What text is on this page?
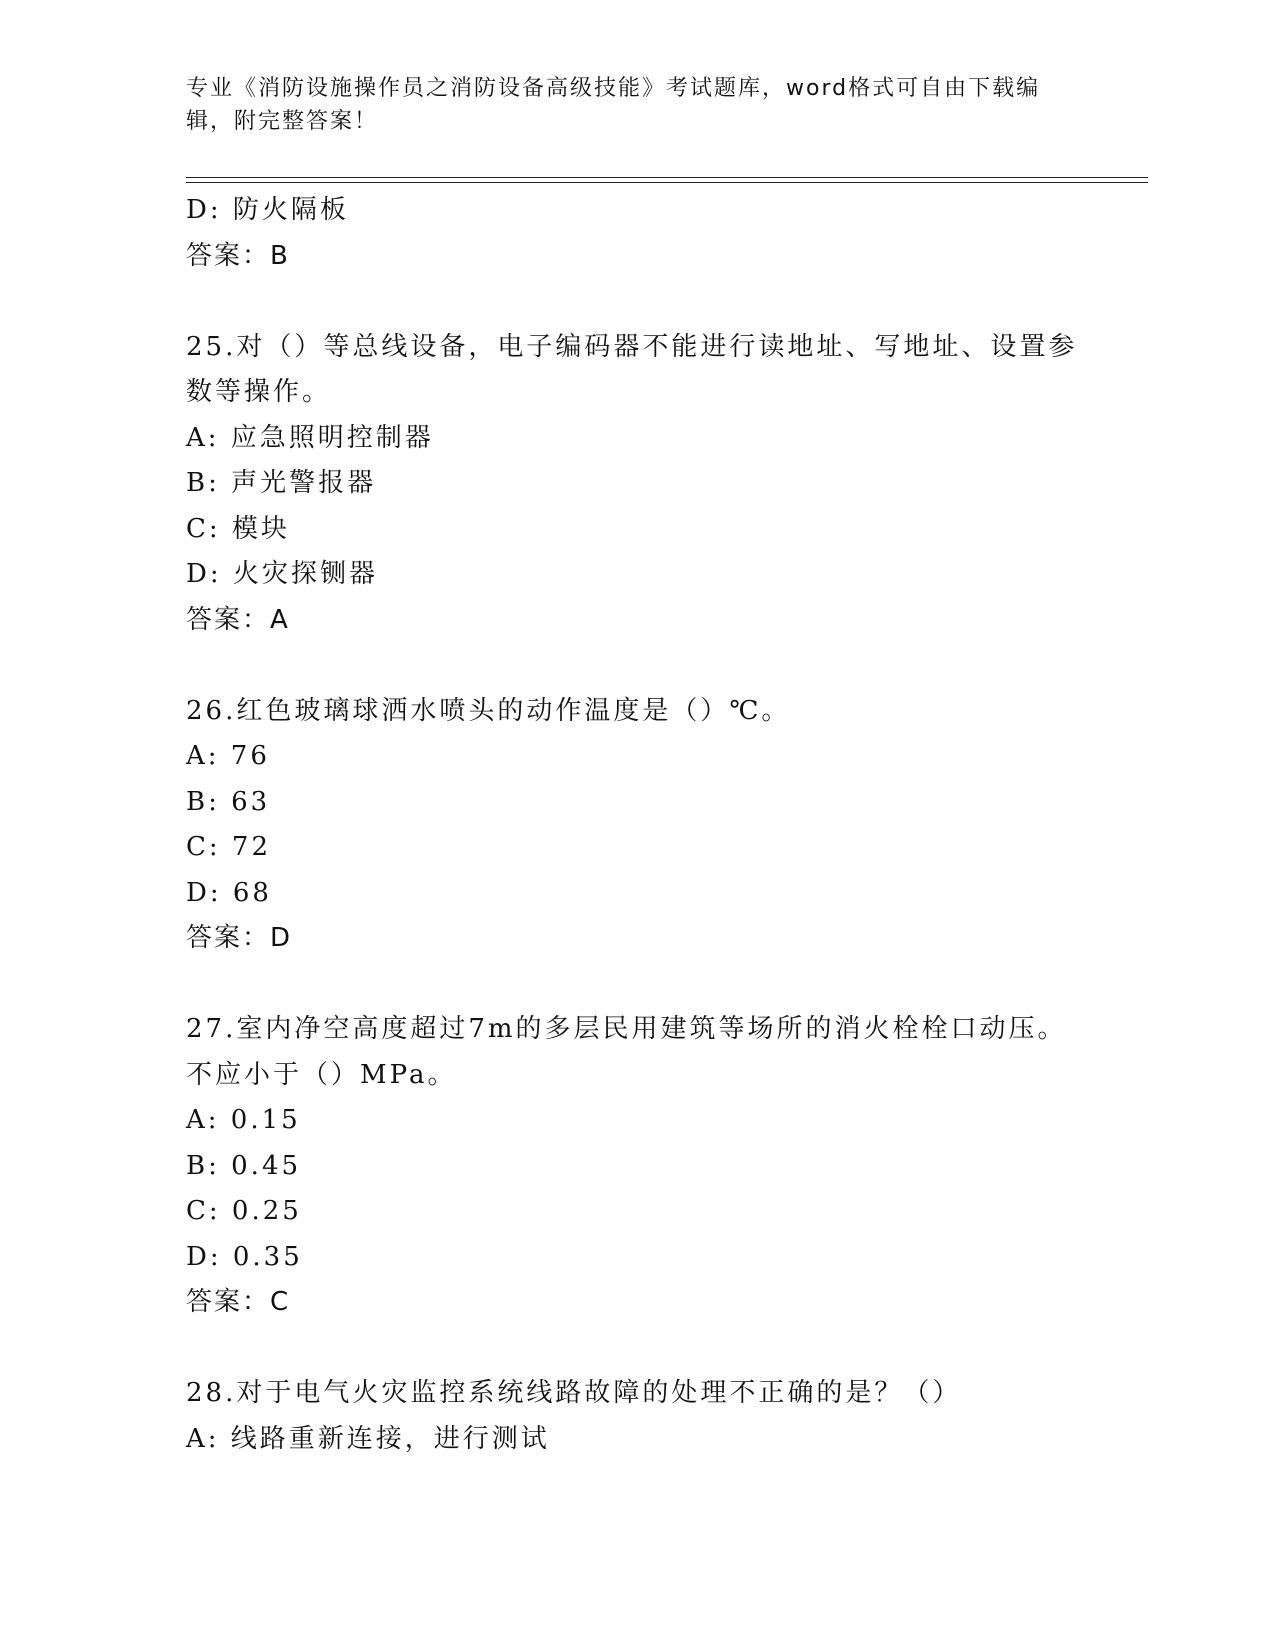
专业《消防设施操作员之消防设备高级技能》考试题库，word格式可自由下载编辑，附完整答案！
D: 防火隔板
答案：B
25.对（）等总线设备，电子编码器不能进行读地址、写地址、设置参数等操作。
A: 应急照明控制器
B: 声光警报器
C: 模块
D: 火灾探铡器
答案：A
26.红色玻璃球洒水喷头的动作温度是（）℃。
A: 76
B: 63
C: 72
D: 68
答案：D
27.室内净空高度超过7m的多层民用建筑等场所的消火栓栓口动压。不应小于（）MPa。
A: 0.15
B: 0.45
C: 0.25
D: 0.35
答案：C
28.对于电气火灾监控系统线路故障的处理不正确的是？（）
A: 线路重新连接，进行测试
